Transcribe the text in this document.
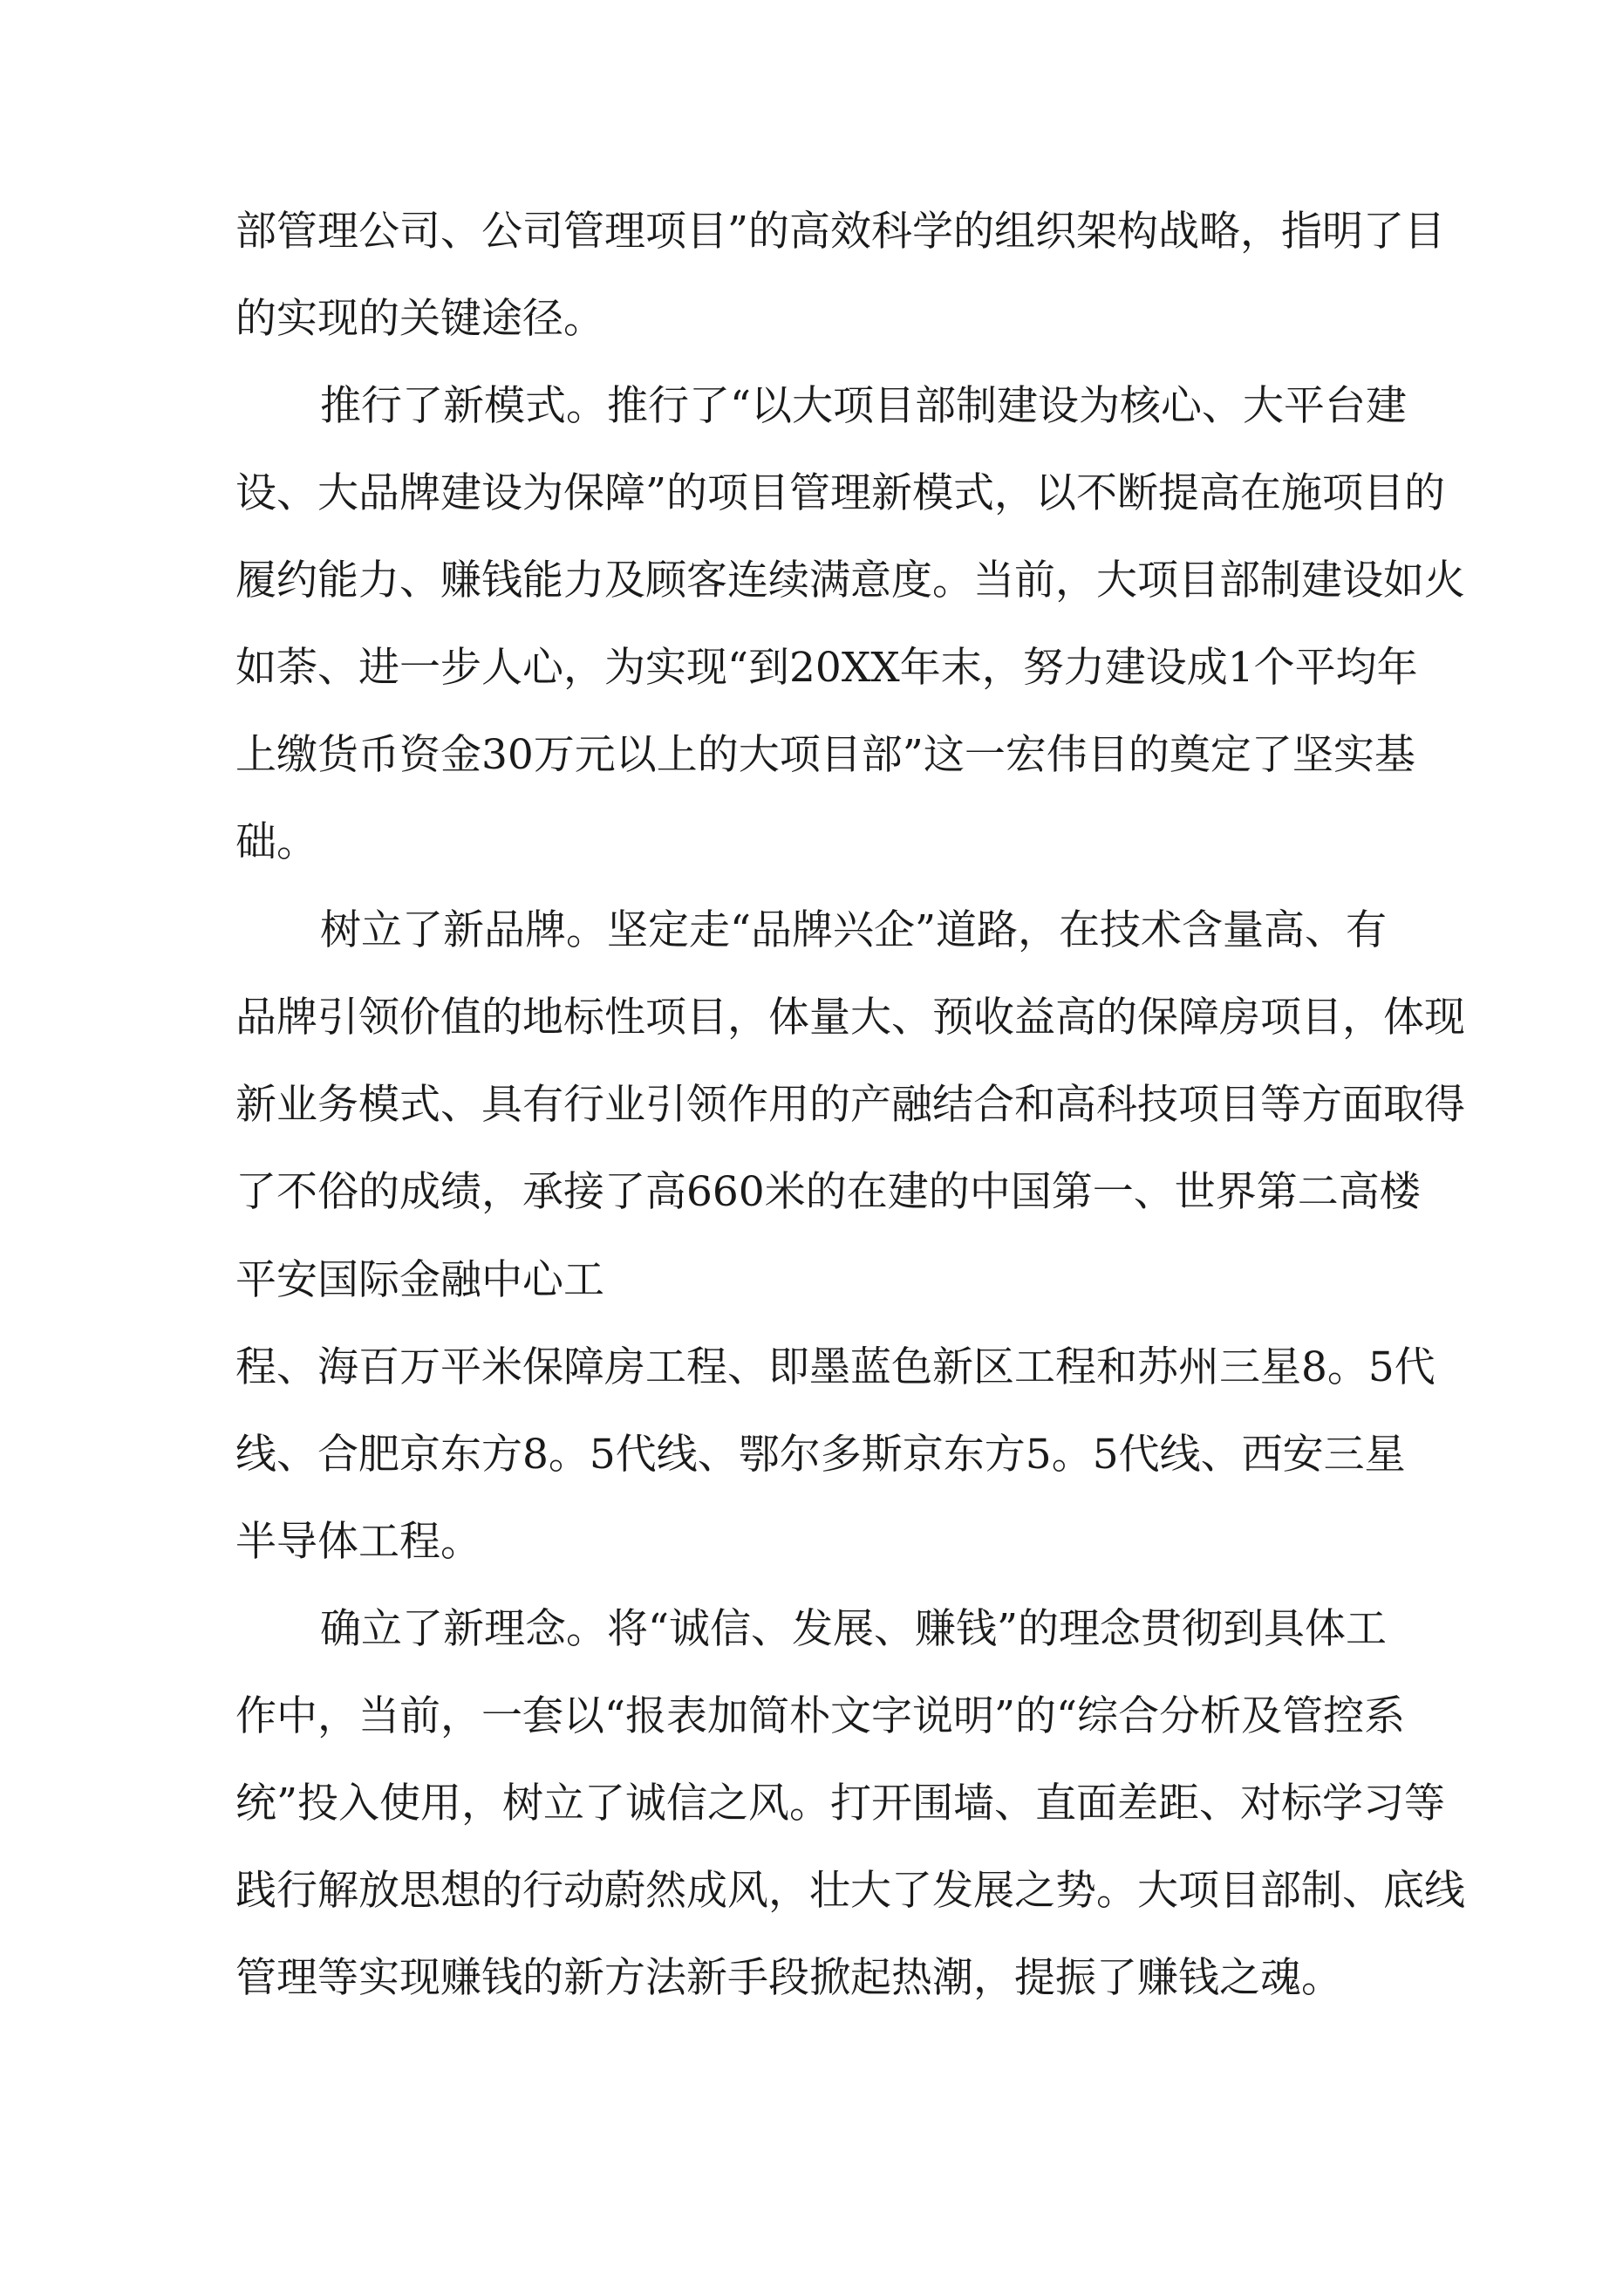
部管理公司、公司管理项目”的高效科学的组织架构战略，指明了目

的实现的关键途径。

推行了新模式。推行了“以大项目部制建设为核心、大平台建

设、大品牌建设为保障”的项目管理新模式，以不断提高在施项目的

履约能力、赚钱能力及顾客连续满意度。当前，大项目部制建设如火

如荼、进一步人心，为实现“到20XX年末，努力建设成1个平均年

上缴货币资金30万元以上的大项目部”这一宏伟目的奠定了坚实基

础。

树立了新品牌。坚定走“品牌兴企”道路，在技术含量高、有

品牌引领价值的地标性项目，体量大、预收益高的保障房项目，体现

新业务模式、具有行业引领作用的产融结合和高科技项目等方面取得

了不俗的成绩，承接了高660米的在建的中国第一、世界第二高楼

平安国际金融中心工

程、海百万平米保障房工程、即墨蓝色新区工程和苏州三星8。5代

线、合肥京东方8。5代线、鄂尔多斯京东方5。5代线、西安三星

半导体工程。

确立了新理念。将“诚信、发展、赚钱”的理念贯彻到具体工

作中，当前，一套以“报表加简朴文字说明”的“综合分析及管控系

统”投入使用，树立了诚信之风。打开围墙、直面差距、对标学习等

践行解放思想的行动蔚然成风，壮大了发展之势。大项目部制、底线

管理等实现赚钱的新方法新手段掀起热潮，提振了赚钱之魂。
